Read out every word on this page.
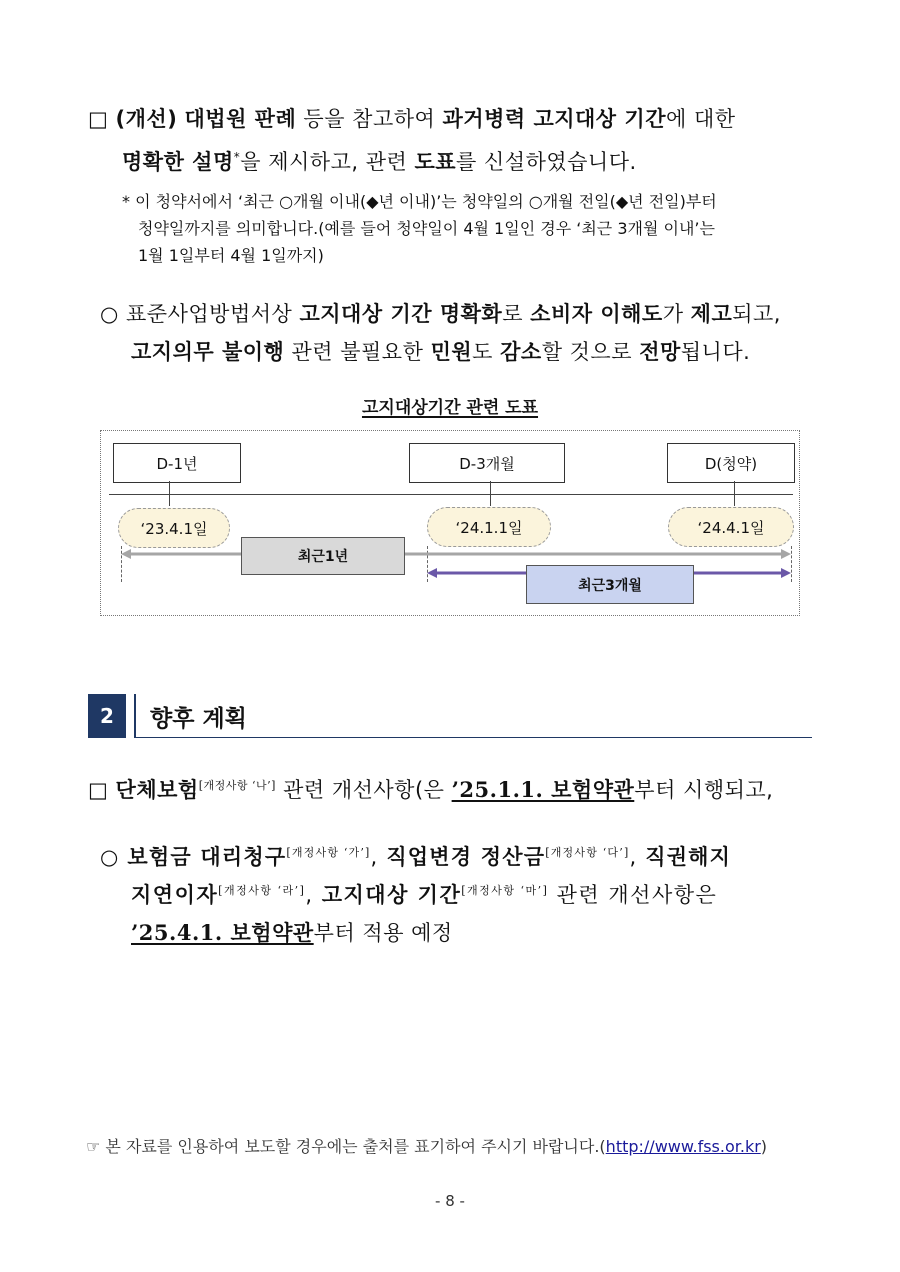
□ (개선) 대법원 판례 등을 참고하여 과거병력 고지대상 기간에 대한
명확한 설명*을 제시하고, 관련 도표를 신설하였습니다.
* 이 청약서에서 ‘최근 ○개월 이내(◆년 이내)’는 청약일의 ○개월 전일(◆년 전일)부터
청약일까지를 의미합니다.(예를 들어 청약일이 4월 1일인 경우 ‘최근 3개월 이내’는
1월 1일부터 4월 1일까지)
○ 표준사업방법서상 고지대상 기간 명확화로 소비자 이해도가 제고되고,
고지의무 불이행 관련 불필요한 민원도 감소할 것으로 전망됩니다.
고지대상기간 관련 도표
D-1년	D-3개월	D(청약)
‘23.4.1일	‘24.1.1일	‘24.4.1일
최근1년
최근3개월
2	향후 계획
□ 단체보험[개정사항 ‘나’] 관련 개선사항(은 ’25.1.1. 보험약관부터 시행되고,
○ 보험금 대리청구[개정사항 ‘가’], 직업변경 정산금[개정사항 ‘다’], 직권해지
지연이자[개정사항 ‘라’], 고지대상 기간[개정사항 ‘마’] 관련 개선사항은
’25.4.1. 보험약관부터 적용 예정
☞ 본 자료를 인용하여 보도할 경우에는 출처를 표기하여 주시기 바랍니다.(http://www.fss.or.kr)
- 8 -
